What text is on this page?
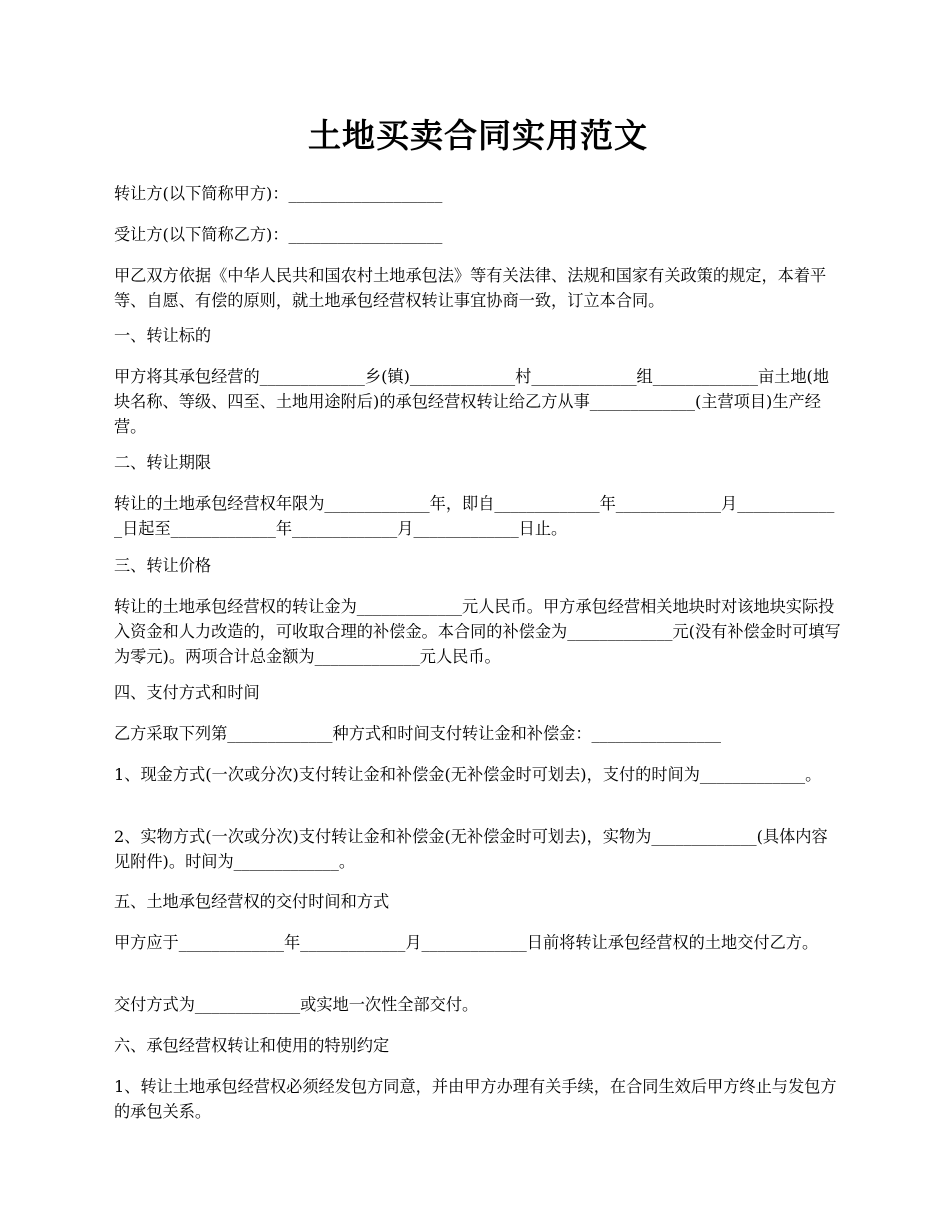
土地买卖合同实用范文
转让方(以下简称甲方)：___________________
受让方(以下简称乙方)：___________________
甲乙双方依据《中华人民共和国农村土地承包法》等有关法律、法规和国家有关政策的规定，本着平等、自愿、有偿的原则，就土地承包经营权转让事宜协商一致，订立本合同。
一、转让标的
甲方将其承包经营的_____________乡(镇)_____________村_____________组_____________亩土地(地块名称、等级、四至、土地用途附后)的承包经营权转让给乙方从事_____________(主营项目)生产经营。
二、转让期限
转让的土地承包经营权年限为_____________年，即自_____________年_____________月_____________日起至_____________年_____________月_____________日止。
三、转让价格
转让的土地承包经营权的转让金为_____________元人民币。甲方承包经营相关地块时对该地块实际投入资金和人力改造的，可收取合理的补偿金。本合同的补偿金为_____________元(没有补偿金时可填写为零元)。两项合计总金额为_____________元人民币。
四、支付方式和时间
乙方采取下列第_____________种方式和时间支付转让金和补偿金：________________
1、现金方式(一次或分次)支付转让金和补偿金(无补偿金时可划去)，支付的时间为_____________。
2、实物方式(一次或分次)支付转让金和补偿金(无补偿金时可划去)，实物为_____________(具体内容见附件)。时间为_____________。
五、土地承包经营权的交付时间和方式
甲方应于_____________年_____________月_____________日前将转让承包经营权的土地交付乙方。
交付方式为_____________或实地一次性全部交付。
六、承包经营权转让和使用的特别约定
1、转让土地承包经营权必须经发包方同意，并由甲方办理有关手续，在合同生效后甲方终止与发包方的承包关系。
